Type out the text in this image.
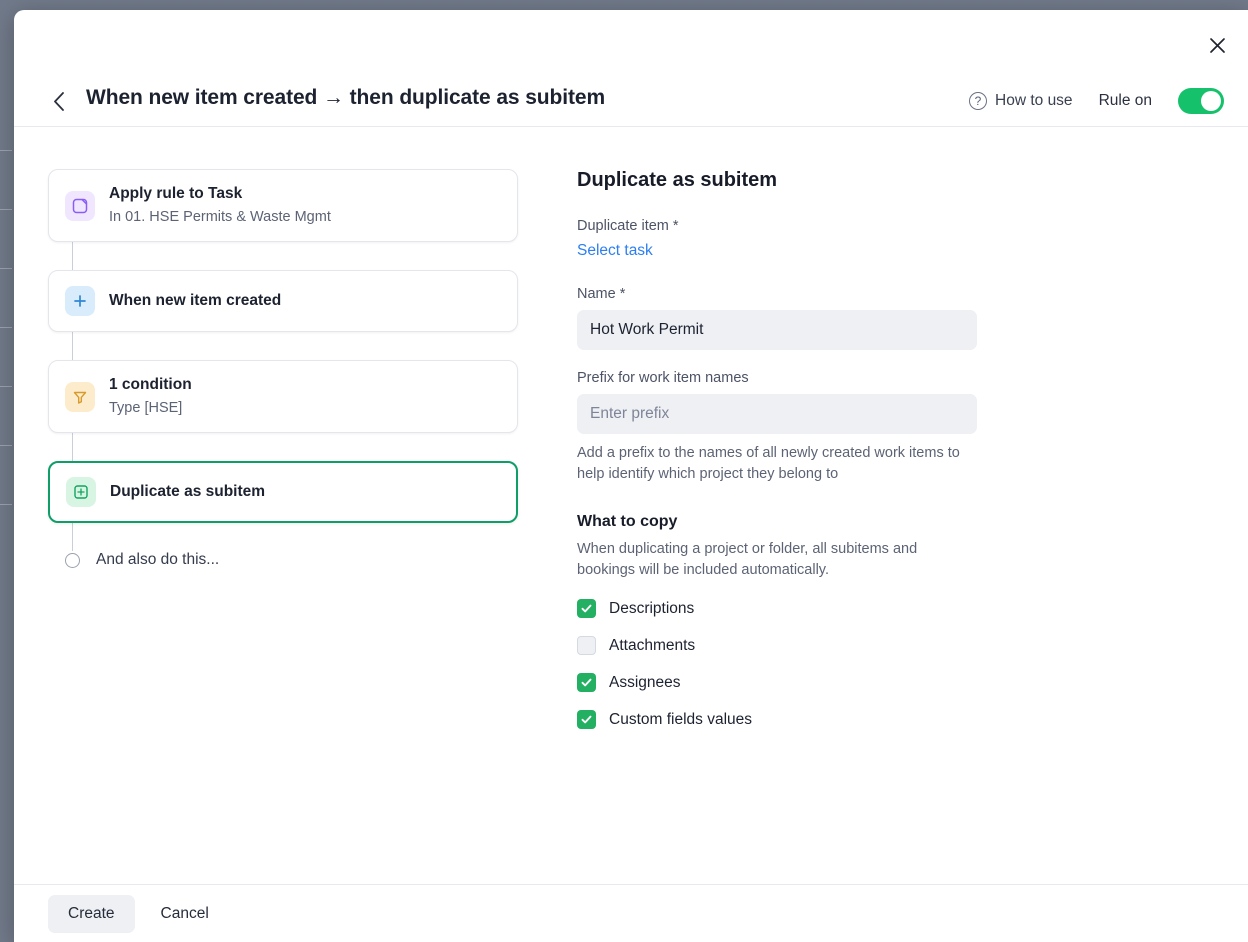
When new item created → then duplicate as subitem	? How to use Rule on
Apply rule to Task
In 01. HSE Permits & Waste Mgmt
When new item created
1 condition
Type [HSE]
Duplicate as subitem
And also do this...
Duplicate as subitem
Duplicate item *
Select task
Name *
Hot Work Permit
Prefix for work item names
Enter prefix
Add a prefix to the names of all newly created work items to help identify which project they belong to
What to copy
When duplicating a project or folder, all subitems and bookings will be included automatically.
Descriptions
Attachments
Assignees
Custom fields values
Create	Cancel
